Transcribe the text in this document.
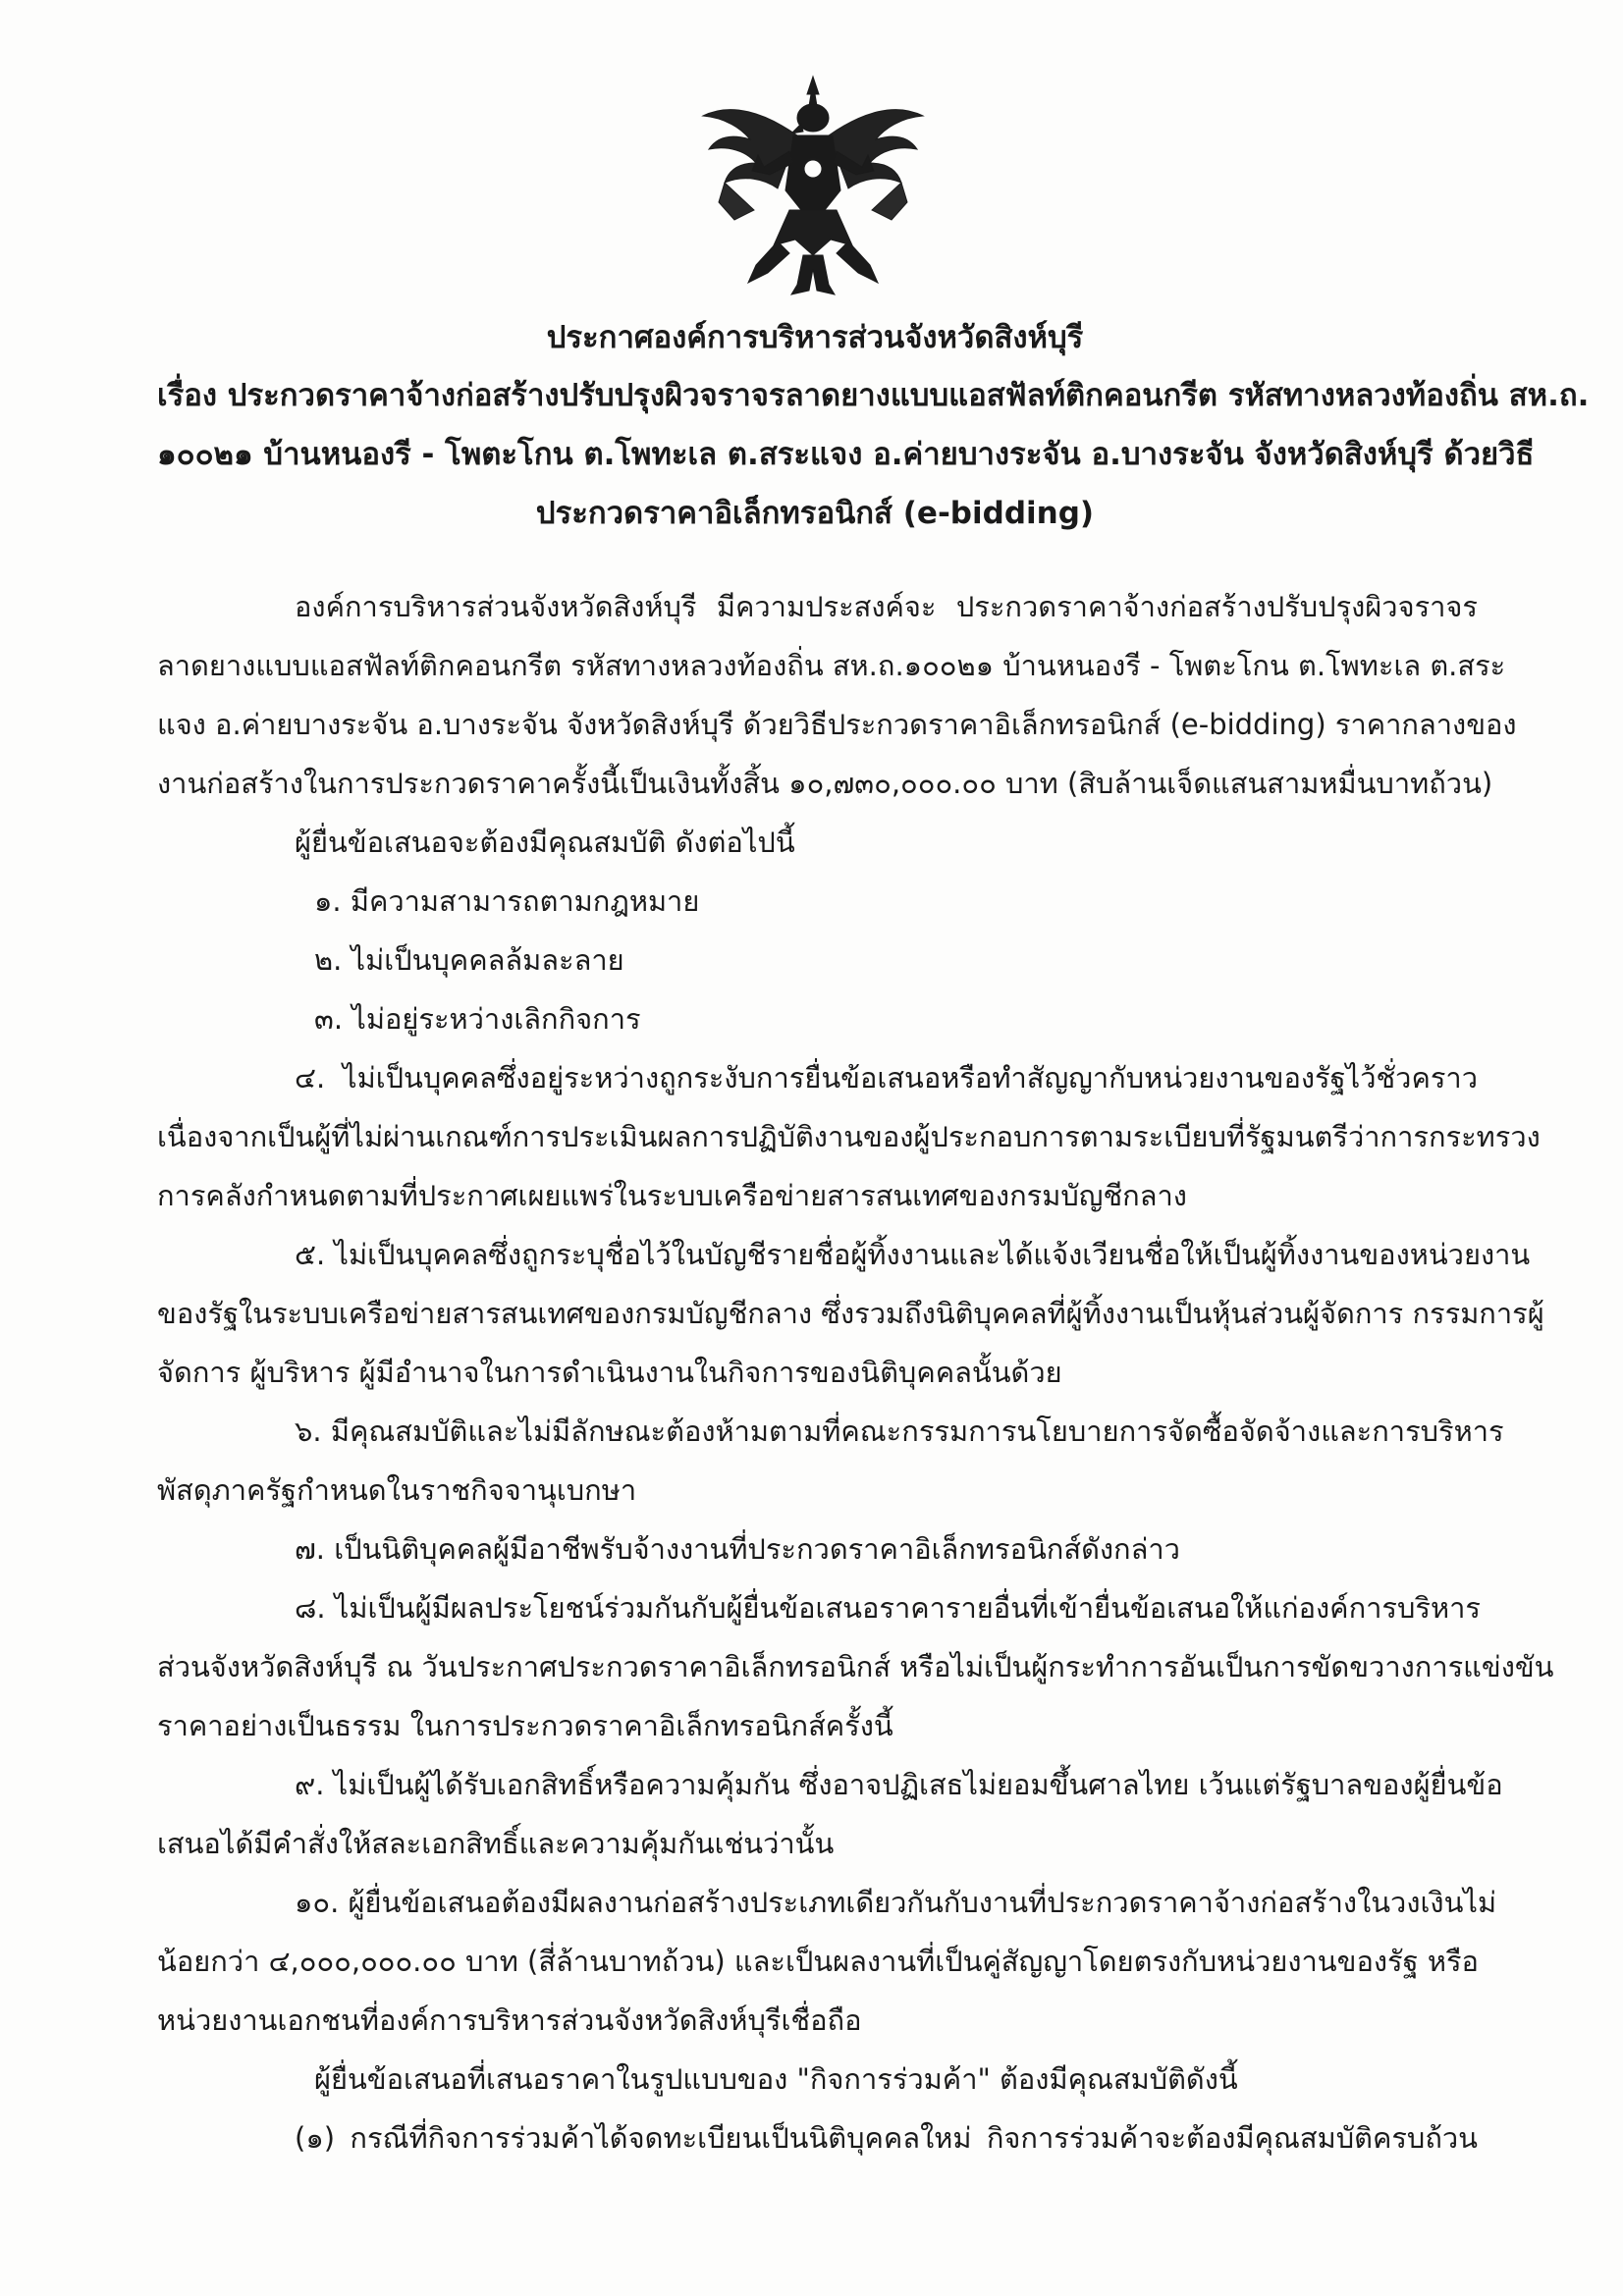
ประกาศองค์การบริหารส่วนจังหวัดสิงห์บุรี
เรื่อง ประกวดราคาจ้างก่อสร้างปรับปรุงผิวจราจรลาดยางแบบแอสฟัลท์ติกคอนกรีต รหัสทางหลวงท้องถิ่น สห.ถ.
๑๐๐๒๑ บ้านหนองรี - โพตะโกน ต.โพทะเล ต.สระแจง อ.ค่ายบางระจัน อ.บางระจัน จังหวัดสิงห์บุรี ด้วยวิธี
ประกวดราคาอิเล็กทรอนิกส์ (e-bidding)
องค์การบริหารส่วนจังหวัดสิงห์บุรี มีความประสงค์จะ ประกวดราคาจ้างก่อสร้างปรับปรุงผิวจราจร
ลาดยางแบบแอสฟัลท์ติกคอนกรีต รหัสทางหลวงท้องถิ่น สห.ถ.๑๐๐๒๑ บ้านหนองรี - โพตะโกน ต.โพทะเล ต.สระ
แจง อ.ค่ายบางระจัน อ.บางระจัน จังหวัดสิงห์บุรี ด้วยวิธีประกวดราคาอิเล็กทรอนิกส์ (e-bidding) ราคากลางของ
งานก่อสร้างในการประกวดราคาครั้งนี้เป็นเงินทั้งสิ้น ๑๐,๗๓๐,๐๐๐.๐๐ บาท (สิบล้านเจ็ดแสนสามหมื่นบาทถ้วน)
ผู้ยื่นข้อเสนอจะต้องมีคุณสมบัติ ดังต่อไปนี้
๑. มีความสามารถตามกฎหมาย
๒. ไม่เป็นบุคคลล้มละลาย
๓. ไม่อยู่ระหว่างเลิกกิจการ
๔. ไม่เป็นบุคคลซึ่งอยู่ระหว่างถูกระงับการยื่นข้อเสนอหรือทำสัญญากับหน่วยงานของรัฐไว้ชั่วคราว
เนื่องจากเป็นผู้ที่ไม่ผ่านเกณฑ์การประเมินผลการปฏิบัติงานของผู้ประกอบการตามระเบียบที่รัฐมนตรีว่าการกระทรวง
การคลังกำหนดตามที่ประกาศเผยแพร่ในระบบเครือข่ายสารสนเทศของกรมบัญชีกลาง
๕. ไม่เป็นบุคคลซึ่งถูกระบุชื่อไว้ในบัญชีรายชื่อผู้ทิ้งงานและได้แจ้งเวียนชื่อให้เป็นผู้ทิ้งงานของหน่วยงาน
ของรัฐในระบบเครือข่ายสารสนเทศของกรมบัญชีกลาง ซึ่งรวมถึงนิติบุคคลที่ผู้ทิ้งงานเป็นหุ้นส่วนผู้จัดการ กรรมการผู้
จัดการ ผู้บริหาร ผู้มีอำนาจในการดำเนินงานในกิจการของนิติบุคคลนั้นด้วย
๖. มีคุณสมบัติและไม่มีลักษณะต้องห้ามตามที่คณะกรรมการนโยบายการจัดซื้อจัดจ้างและการบริหาร
พัสดุภาครัฐกำหนดในราชกิจจานุเบกษา
๗. เป็นนิติบุคคลผู้มีอาชีพรับจ้างงานที่ประกวดราคาอิเล็กทรอนิกส์ดังกล่าว
๘. ไม่เป็นผู้มีผลประโยชน์ร่วมกันกับผู้ยื่นข้อเสนอราคารายอื่นที่เข้ายื่นข้อเสนอให้แก่องค์การบริหาร
ส่วนจังหวัดสิงห์บุรี ณ วันประกาศประกวดราคาอิเล็กทรอนิกส์ หรือไม่เป็นผู้กระทำการอันเป็นการขัดขวางการแข่งขัน
ราคาอย่างเป็นธรรม ในการประกวดราคาอิเล็กทรอนิกส์ครั้งนี้
๙. ไม่เป็นผู้ได้รับเอกสิทธิ์หรือความคุ้มกัน ซึ่งอาจปฏิเสธไม่ยอมขึ้นศาลไทย เว้นแต่รัฐบาลของผู้ยื่นข้อ
เสนอได้มีคำสั่งให้สละเอกสิทธิ์และความคุ้มกันเช่นว่านั้น
๑๐. ผู้ยื่นข้อเสนอต้องมีผลงานก่อสร้างประเภทเดียวกันกับงานที่ประกวดราคาจ้างก่อสร้างในวงเงินไม่
น้อยกว่า ๔,๐๐๐,๐๐๐.๐๐ บาท (สี่ล้านบาทถ้วน) และเป็นผลงานที่เป็นคู่สัญญาโดยตรงกับหน่วยงานของรัฐ หรือ
หน่วยงานเอกชนที่องค์การบริหารส่วนจังหวัดสิงห์บุรีเชื่อถือ
ผู้ยื่นข้อเสนอที่เสนอราคาในรูปแบบของ "กิจการร่วมค้า" ต้องมีคุณสมบัติดังนี้
(๑) กรณีที่กิจการร่วมค้าได้จดทะเบียนเป็นนิติบุคคลใหม่ กิจการร่วมค้าจะต้องมีคุณสมบัติครบถ้วน
